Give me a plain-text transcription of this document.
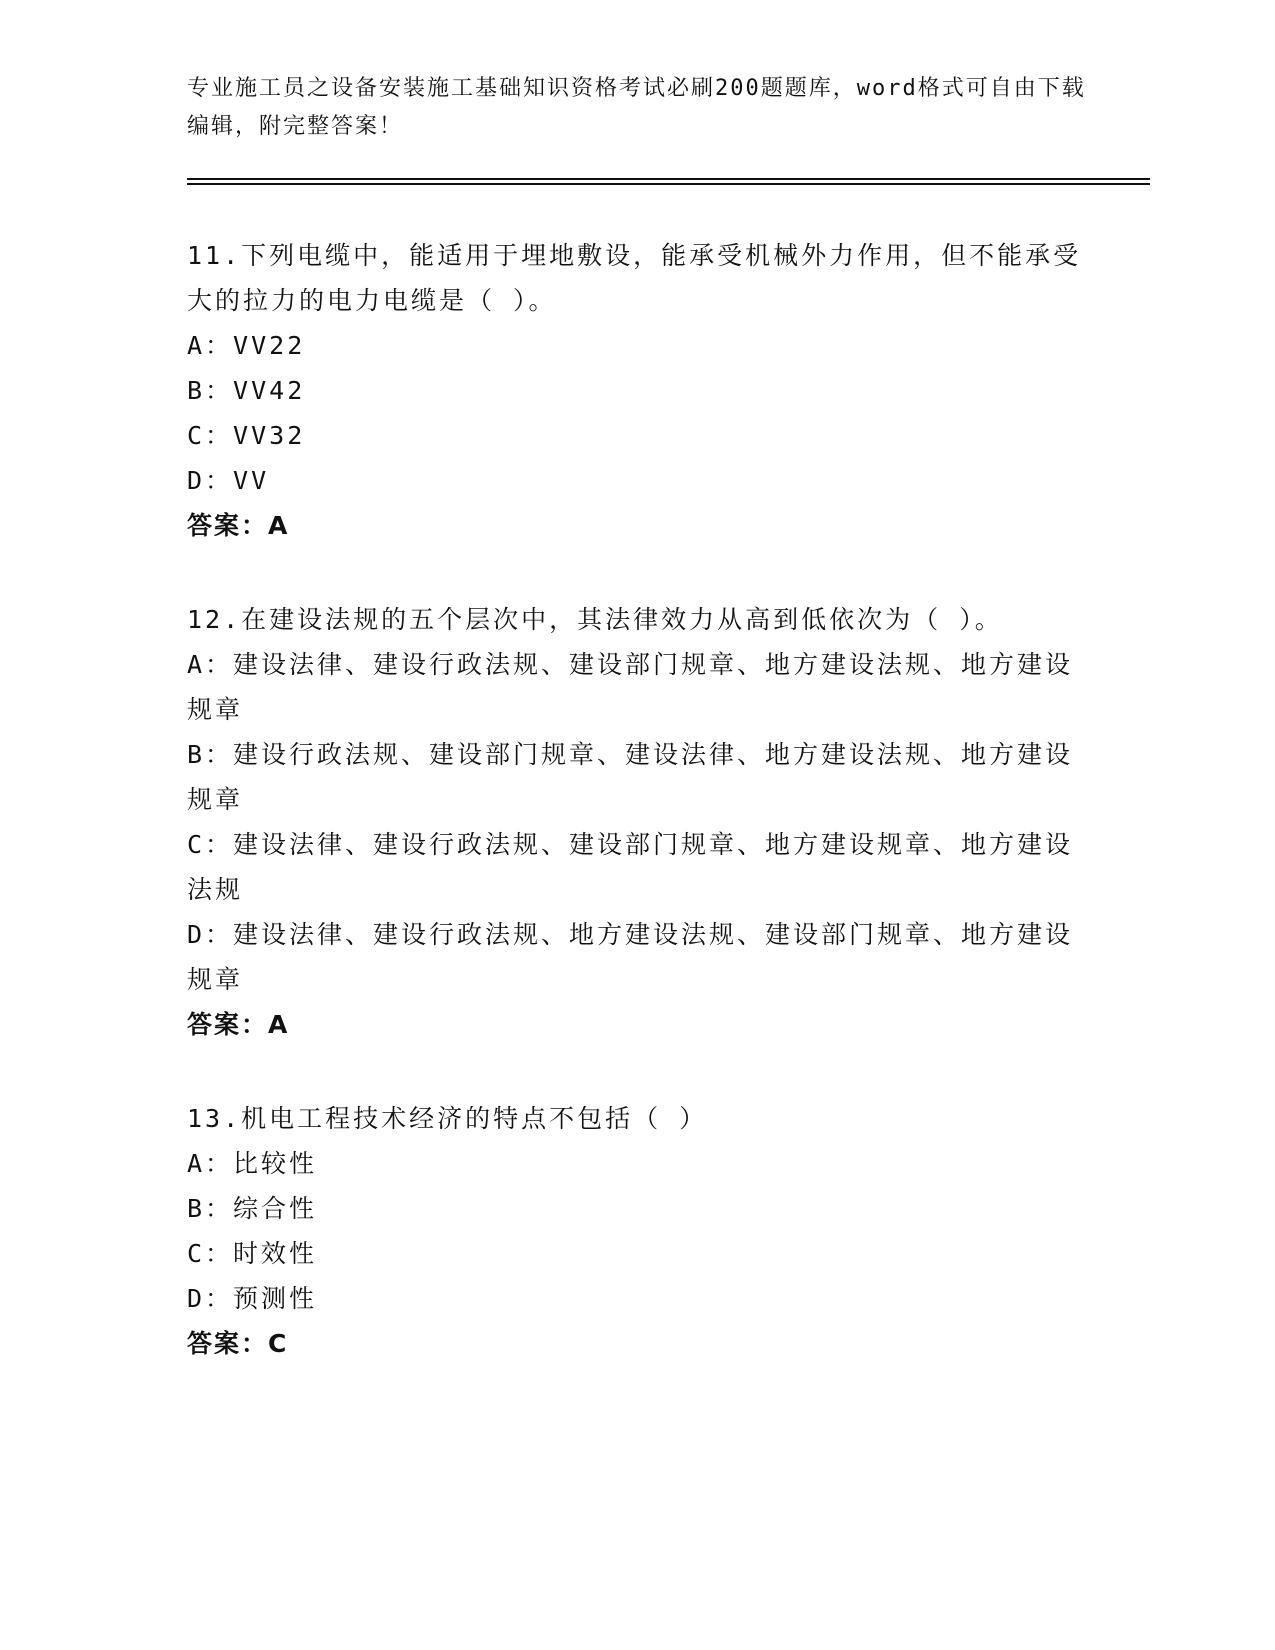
专业施工员之设备安装施工基础知识资格考试必刷200题题库，word格式可自由下载编辑，附完整答案！
11.下列电缆中，能适用于埋地敷设，能承受机械外力作用，但不能承受大的拉力的电力电缆是（ ）。
A：VV22
B：VV42
C：VV32
D：VV
答案：A
12.在建设法规的五个层次中，其法律效力从高到低依次为（ ）。
A：建设法律、建设行政法规、建设部门规章、地方建设法规、地方建设规章
B：建设行政法规、建设部门规章、建设法律、地方建设法规、地方建设规章
C：建设法律、建设行政法规、建设部门规章、地方建设规章、地方建设法规
D：建设法律、建设行政法规、地方建设法规、建设部门规章、地方建设规章
答案：A
13.机电工程技术经济的特点不包括（ ）
A：比较性
B：综合性
C：时效性
D：预测性
答案：C
